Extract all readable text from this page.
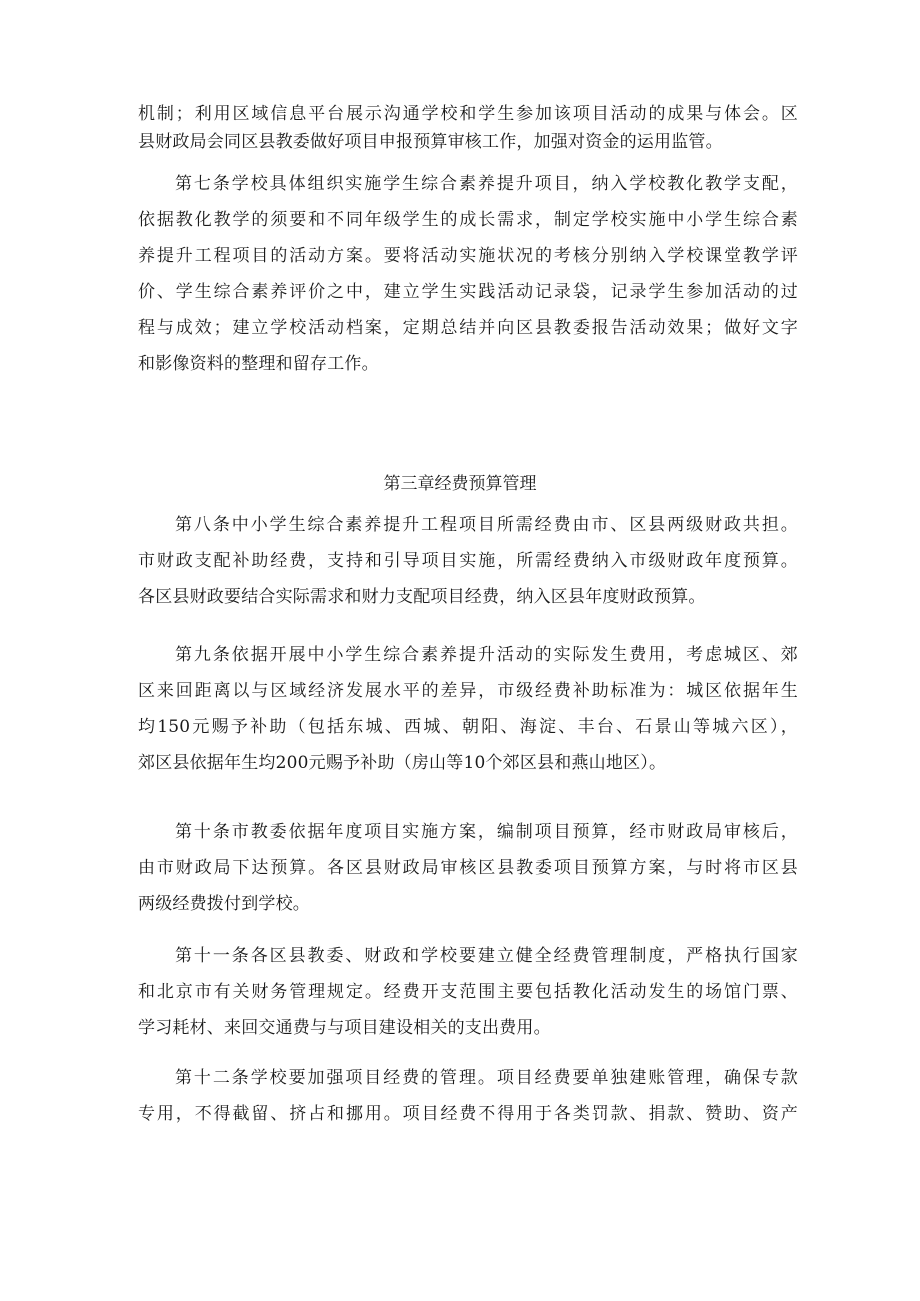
机制；利用区域信息平台展示沟通学校和学生参加该项目活动的成果与体会。区
县财政局会同区县教委做好项目申报预算审核工作，加强对资金的运用监管。
第七条学校具体组织实施学生综合素养提升项目，纳入学校教化教学支配，
依据教化教学的须要和不同年级学生的成长需求，制定学校实施中小学生综合素
养提升工程项目的活动方案。要将活动实施状况的考核分别纳入学校课堂教学评
价、学生综合素养评价之中，建立学生实践活动记录袋，记录学生参加活动的过
程与成效；建立学校活动档案，定期总结并向区县教委报告活动效果；做好文字
和影像资料的整理和留存工作。
第三章经费预算管理
第八条中小学生综合素养提升工程项目所需经费由市、区县两级财政共担。
市财政支配补助经费，支持和引导项目实施，所需经费纳入市级财政年度预算。
各区县财政要结合实际需求和财力支配项目经费，纳入区县年度财政预算。
第九条依据开展中小学生综合素养提升活动的实际发生费用，考虑城区、郊
区来回距离以与区域经济发展水平的差异，市级经费补助标准为：城区依据年生
均150元赐予补助（包括东城、西城、朝阳、海淀、丰台、石景山等城六区），
郊区县依据年生均200元赐予补助（房山等10个郊区县和燕山地区）。
第十条市教委依据年度项目实施方案，编制项目预算，经市财政局审核后，
由市财政局下达预算。各区县财政局审核区县教委项目预算方案，与时将市区县
两级经费拨付到学校。
第十一条各区县教委、财政和学校要建立健全经费管理制度，严格执行国家
和北京市有关财务管理规定。经费开支范围主要包括教化活动发生的场馆门票、
学习耗材、来回交通费与与项目建设相关的支出费用。
第十二条学校要加强项目经费的管理。项目经费要单独建账管理，确保专款
专用，不得截留、挤占和挪用。项目经费不得用于各类罚款、捐款、赞助、资产
